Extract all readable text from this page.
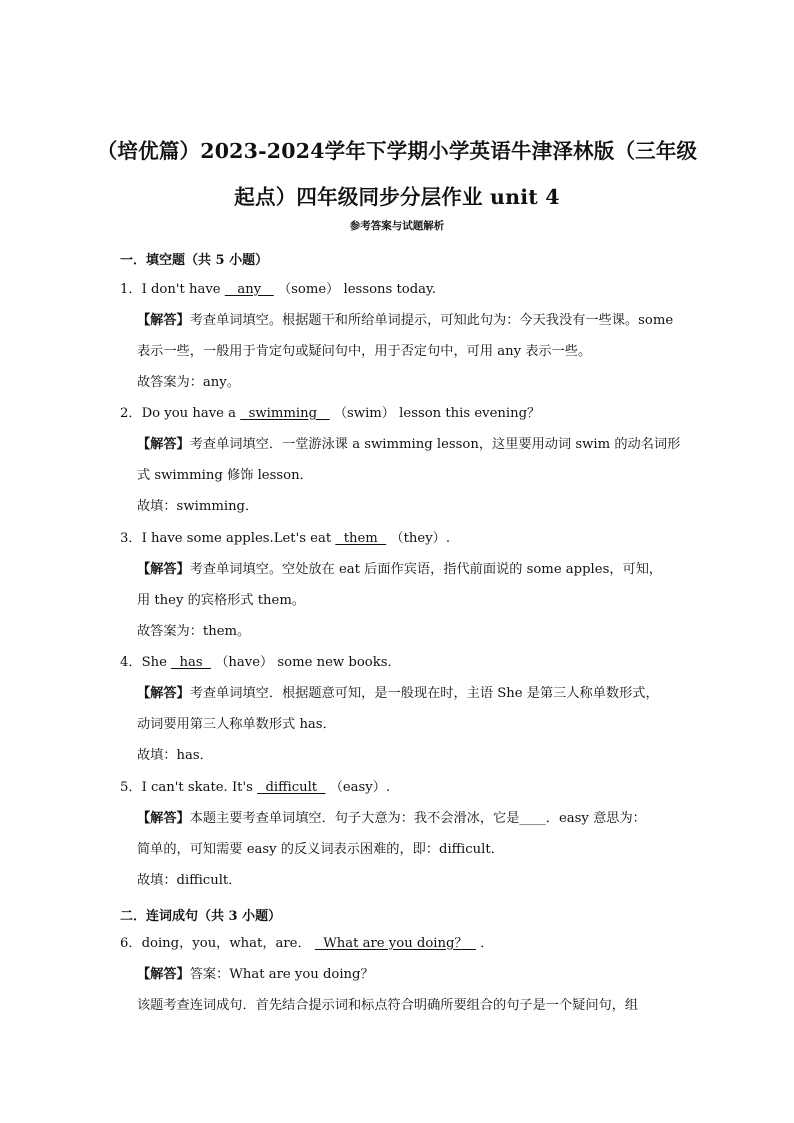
（培优篇）2023-2024学年下学期小学英语牛津泽林版（三年级
起点）四年级同步分层作业 unit 4
参考答案与试题解析
一．填空题（共 5 小题）
1．I don't have    any    （some） lessons today.
【解答】考查单词填空。根据题干和所给单词提示，可知此句为：今天我没有一些课。some
表示一些，一般用于肯定句或疑问句中，用于否定句中，可用 any 表示一些。
故答案为：any。
2．Do you have a   swimming    （swim） lesson this evening？
【解答】考查单词填空．一堂游泳课 a swimming lesson，这里要用动词 swim 的动名词形
式 swimming 修饰 lesson．
故填：swimming．
3．I have some apples.Let's eat   them   （they）.
【解答】考查单词填空。空处放在 eat 后面作宾语，指代前面说的 some apples，可知，
用 they 的宾格形式 them。
故答案为：them。
4．She   has   （have） some new books．
【解答】考查单词填空．根据题意可知，是一般现在时，主语 She 是第三人称单数形式，
动词要用第三人称单数形式 has．
故填：has．
5．I can't skate. It's   difficult   （easy）.
【解答】本题主要考查单词填空．句子大意为：我不会滑冰，它是____．easy 意思为：
简单的，可知需要 easy 的反义词表示困难的，即：difficult．
故填：difficult．
二．连词成句（共 3 小题）
6．doing，you，what，are．   What are you doing？   ．
【解答】答案：What are you doing？
该题考查连词成句．首先结合提示词和标点符合明确所要组合的句子是一个疑问句，组
